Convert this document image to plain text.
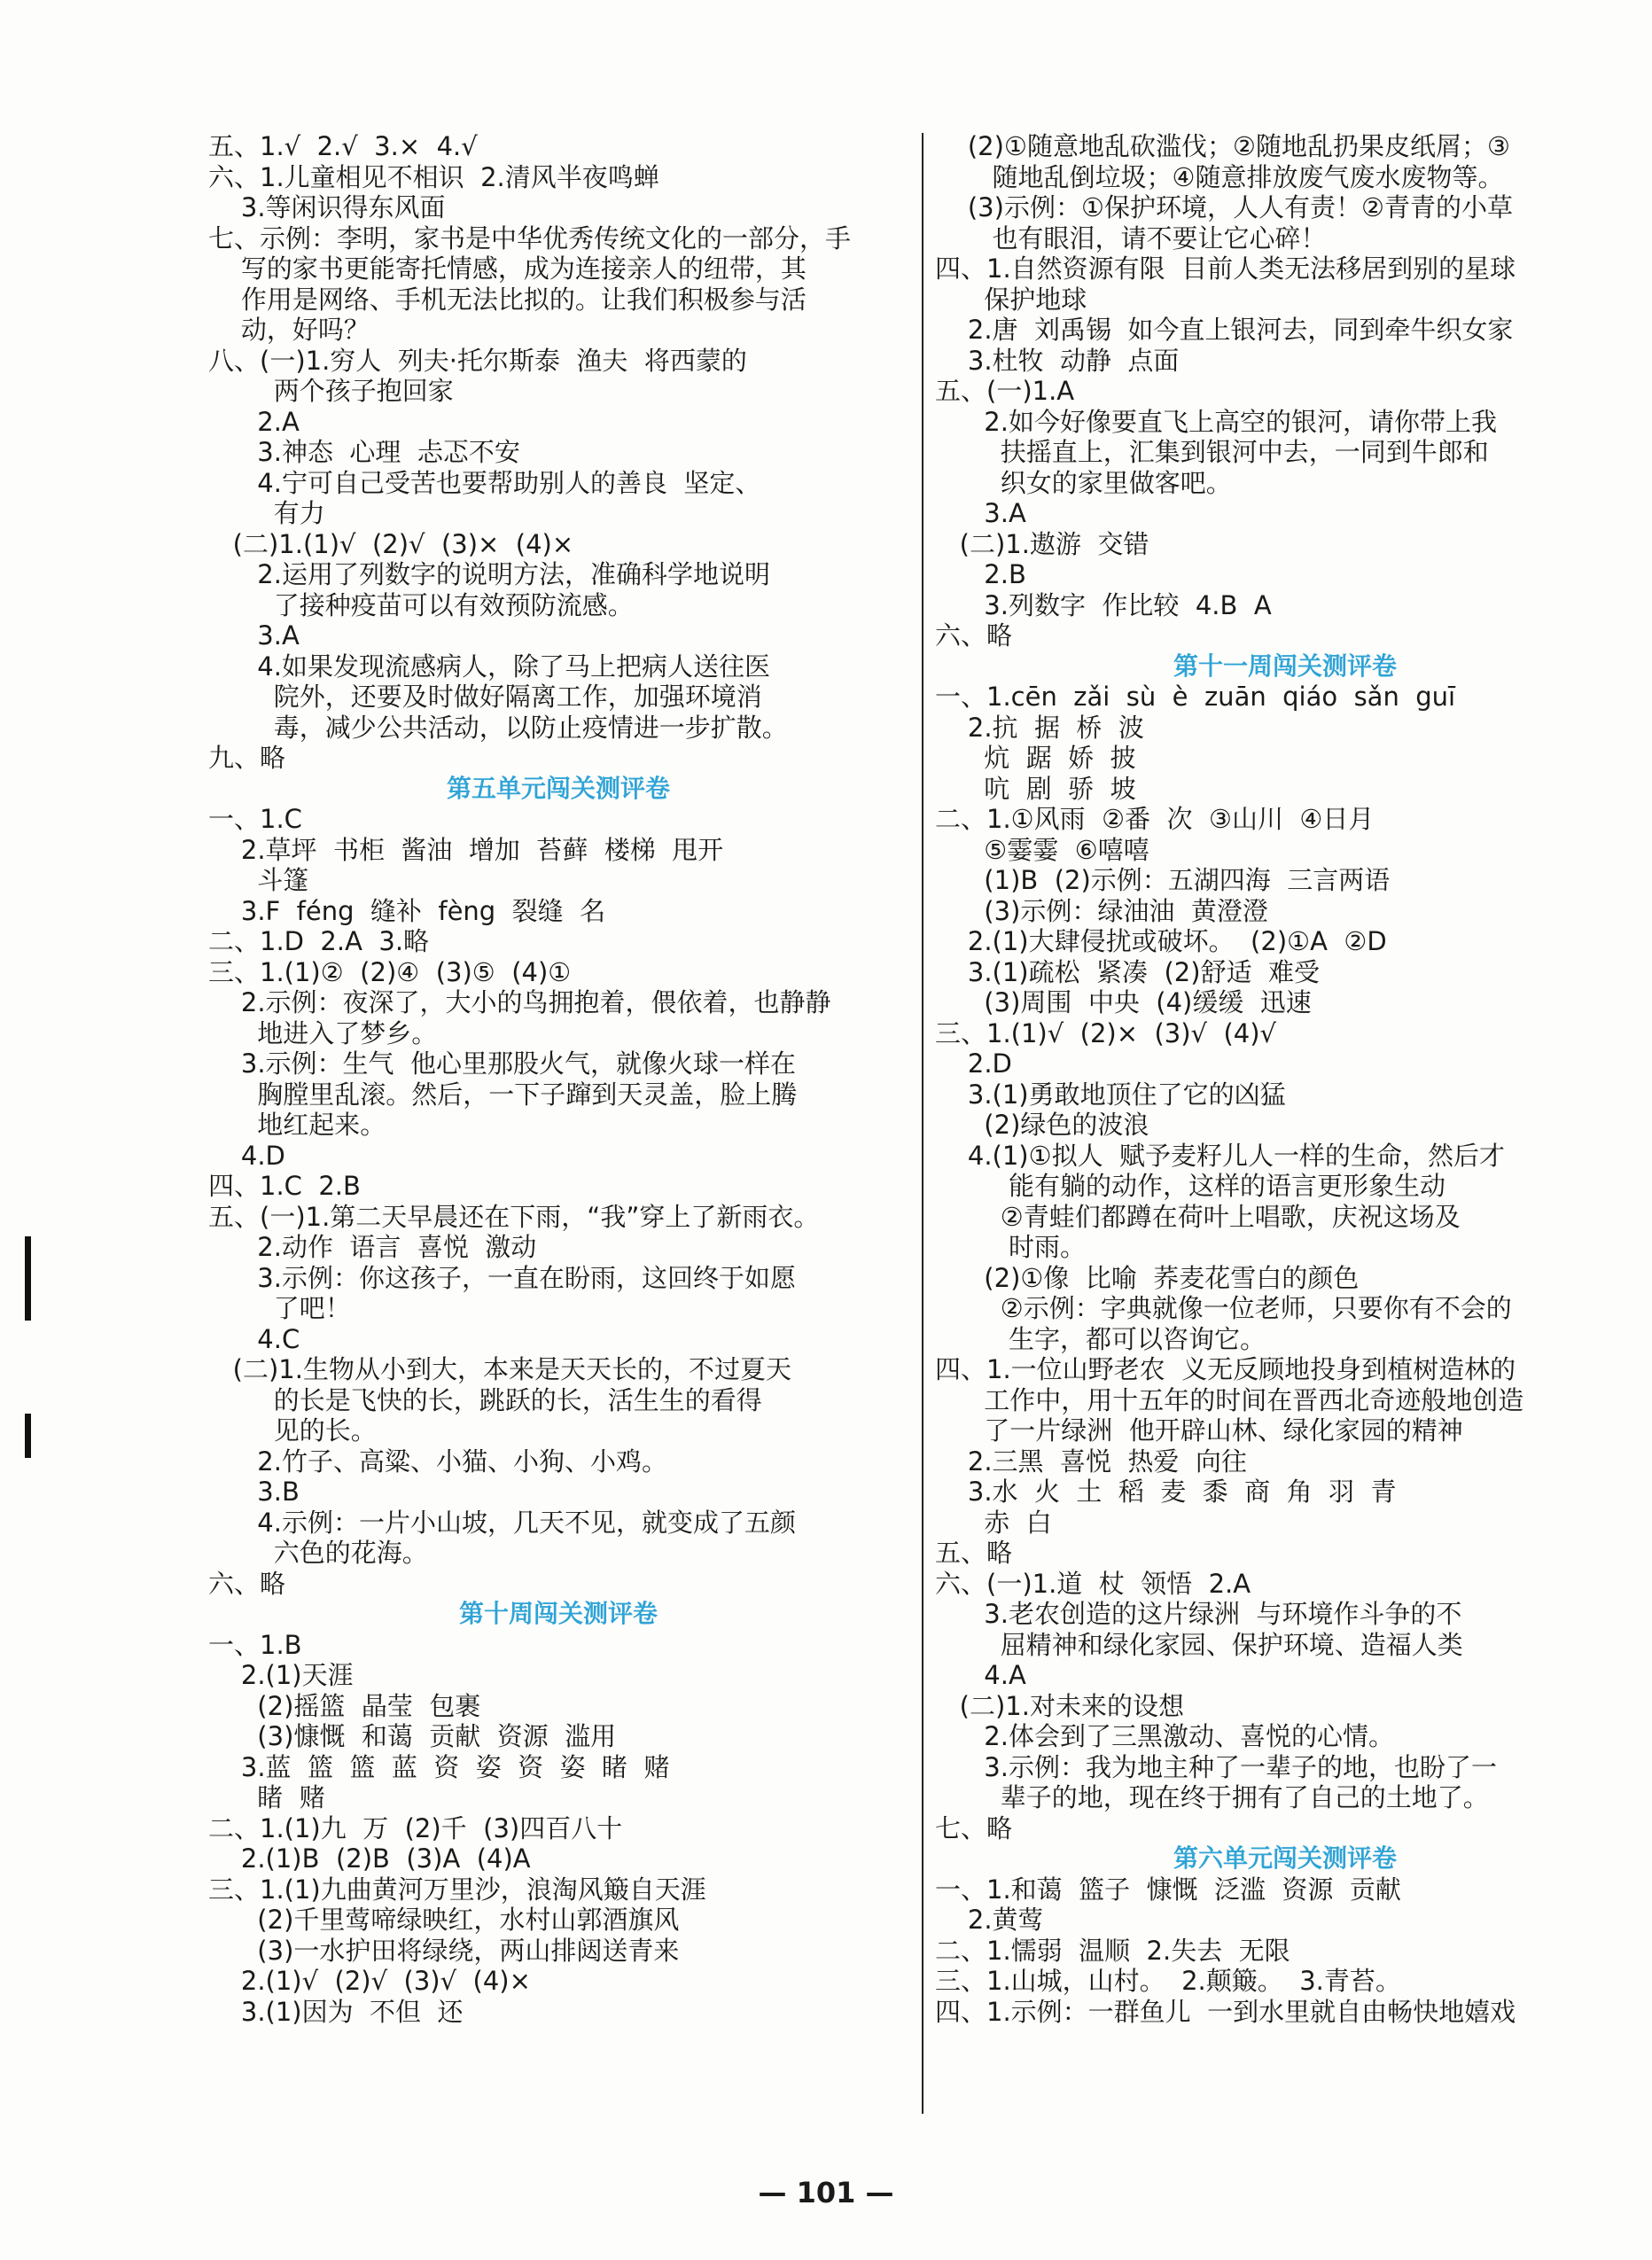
五、1.√  2.√  3.×  4.√
六、1.儿童相见不相识  2.清风半夜鸣蝉
3.等闲识得东风面
七、示例：李明，家书是中华优秀传统文化的一部分，手
写的家书更能寄托情感，成为连接亲人的纽带，其
作用是网络、手机无法比拟的。让我们积极参与活
动，好吗？
八、(一)1.穷人  列夫·托尔斯泰  渔夫  将西蒙的
两个孩子抱回家
2.A
3.神态  心理  忐忑不安
4.宁可自己受苦也要帮助别人的善良  坚定、
有力
(二)1.(1)√  (2)√  (3)×  (4)×
2.运用了列数字的说明方法，准确科学地说明
了接种疫苗可以有效预防流感。
3.A
4.如果发现流感病人，除了马上把病人送往医
院外，还要及时做好隔离工作，加强环境消
毒，减少公共活动，以防止疫情进一步扩散。
九、略
第五单元闯关测评卷
一、1.C
2.草坪  书柜  酱油  增加  苔藓  楼梯  甩开
斗篷
3.F  féng  缝补  fèng  裂缝  名
二、1.D  2.A  3.略
三、1.(1)②  (2)④  (3)⑤  (4)①
2.示例：夜深了，大小的鸟拥抱着，偎依着，也静静
地进入了梦乡。
3.示例：生气  他心里那股火气，就像火球一样在
胸膛里乱滚。然后，一下子蹿到天灵盖，脸上腾
地红起来。
4.D
四、1.C  2.B
五、(一)1.第二天早晨还在下雨，“我”穿上了新雨衣。
2.动作  语言  喜悦  激动
3.示例：你这孩子，一直在盼雨，这回终于如愿
了吧！
4.C
(二)1.生物从小到大，本来是天天长的，不过夏天
的长是飞快的长，跳跃的长，活生生的看得
见的长。
2.竹子、高粱、小猫、小狗、小鸡。
3.B
4.示例：一片小山坡，几天不见，就变成了五颜
六色的花海。
六、略
第十周闯关测评卷
一、1.B
2.(1)天涯
(2)摇篮  晶莹  包裹
(3)慷慨  和蔼  贡献  资源  滥用
3.蓝  篮  篮  蓝  资  姿  资  姿  睹  赌
睹  赌
二、1.(1)九  万  (2)千  (3)四百八十
2.(1)B  (2)B  (3)A  (4)A
三、1.(1)九曲黄河万里沙，浪淘风簸自天涯
(2)千里莺啼绿映红，水村山郭酒旗风
(3)一水护田将绿绕，两山排闼送青来
2.(1)√  (2)√  (3)√  (4)×
3.(1)因为  不但  还
(2)①随意地乱砍滥伐；②随地乱扔果皮纸屑；③
随地乱倒垃圾；④随意排放废气废水废物等。
(3)示例：①保护环境，人人有责！②青青的小草
也有眼泪，请不要让它心碎！
四、1.自然资源有限  目前人类无法移居到别的星球
保护地球
2.唐  刘禹锡  如今直上银河去，同到牵牛织女家
3.杜牧  动静  点面
五、(一)1.A
2.如今好像要直飞上高空的银河，请你带上我
扶摇直上，汇集到银河中去，一同到牛郎和
织女的家里做客吧。
3.A
(二)1.遨游  交错
2.B
3.列数字  作比较  4.B  A
六、略
第十一周闯关测评卷
一、1.cēn  zǎi  sù  è  zuān  qiáo  sǎn  guī
2.抗  据  桥  波
炕  踞  娇  披
吭  剧  骄  坡
二、1.①风雨  ②番  次  ③山川  ④日月
⑤霎霎  ⑥嘻嘻
(1)B  (2)示例：五湖四海  三言两语
(3)示例：绿油油  黄澄澄
2.(1)大肆侵扰或破坏。  (2)①A  ②D
3.(1)疏松  紧凑  (2)舒适  难受
(3)周围  中央  (4)缓缓  迅速
三、1.(1)√  (2)×  (3)√  (4)√
2.D
3.(1)勇敢地顶住了它的凶猛
(2)绿色的波浪
4.(1)①拟人  赋予麦籽儿人一样的生命，然后才
能有躺的动作，这样的语言更形象生动
②青蛙们都蹲在荷叶上唱歌，庆祝这场及
时雨。
(2)①像  比喻  荞麦花雪白的颜色
②示例：字典就像一位老师，只要你有不会的
生字，都可以咨询它。
四、1.一位山野老农  义无反顾地投身到植树造林的
工作中，用十五年的时间在晋西北奇迹般地创造
了一片绿洲  他开辟山林、绿化家园的精神
2.三黑  喜悦  热爱  向往
3.水  火  土  稻  麦  黍  商  角  羽  青
赤  白
五、略
六、(一)1.道  杖  领悟  2.A
3.老农创造的这片绿洲  与环境作斗争的不
屈精神和绿化家园、保护环境、造福人类
4.A
(二)1.对未来的设想
2.体会到了三黑激动、喜悦的心情。
3.示例：我为地主种了一辈子的地，也盼了一
辈子的地，现在终于拥有了自己的土地了。
七、略
第六单元闯关测评卷
一、1.和蔼  篮子  慷慨  泛滥  资源  贡献
2.黄莺
二、1.懦弱  温顺  2.失去  无限
三、1.山城，山村。  2.颠簸。  3.青苔。
四、1.示例：一群鱼儿  一到水里就自由畅快地嬉戏
— 101 —
